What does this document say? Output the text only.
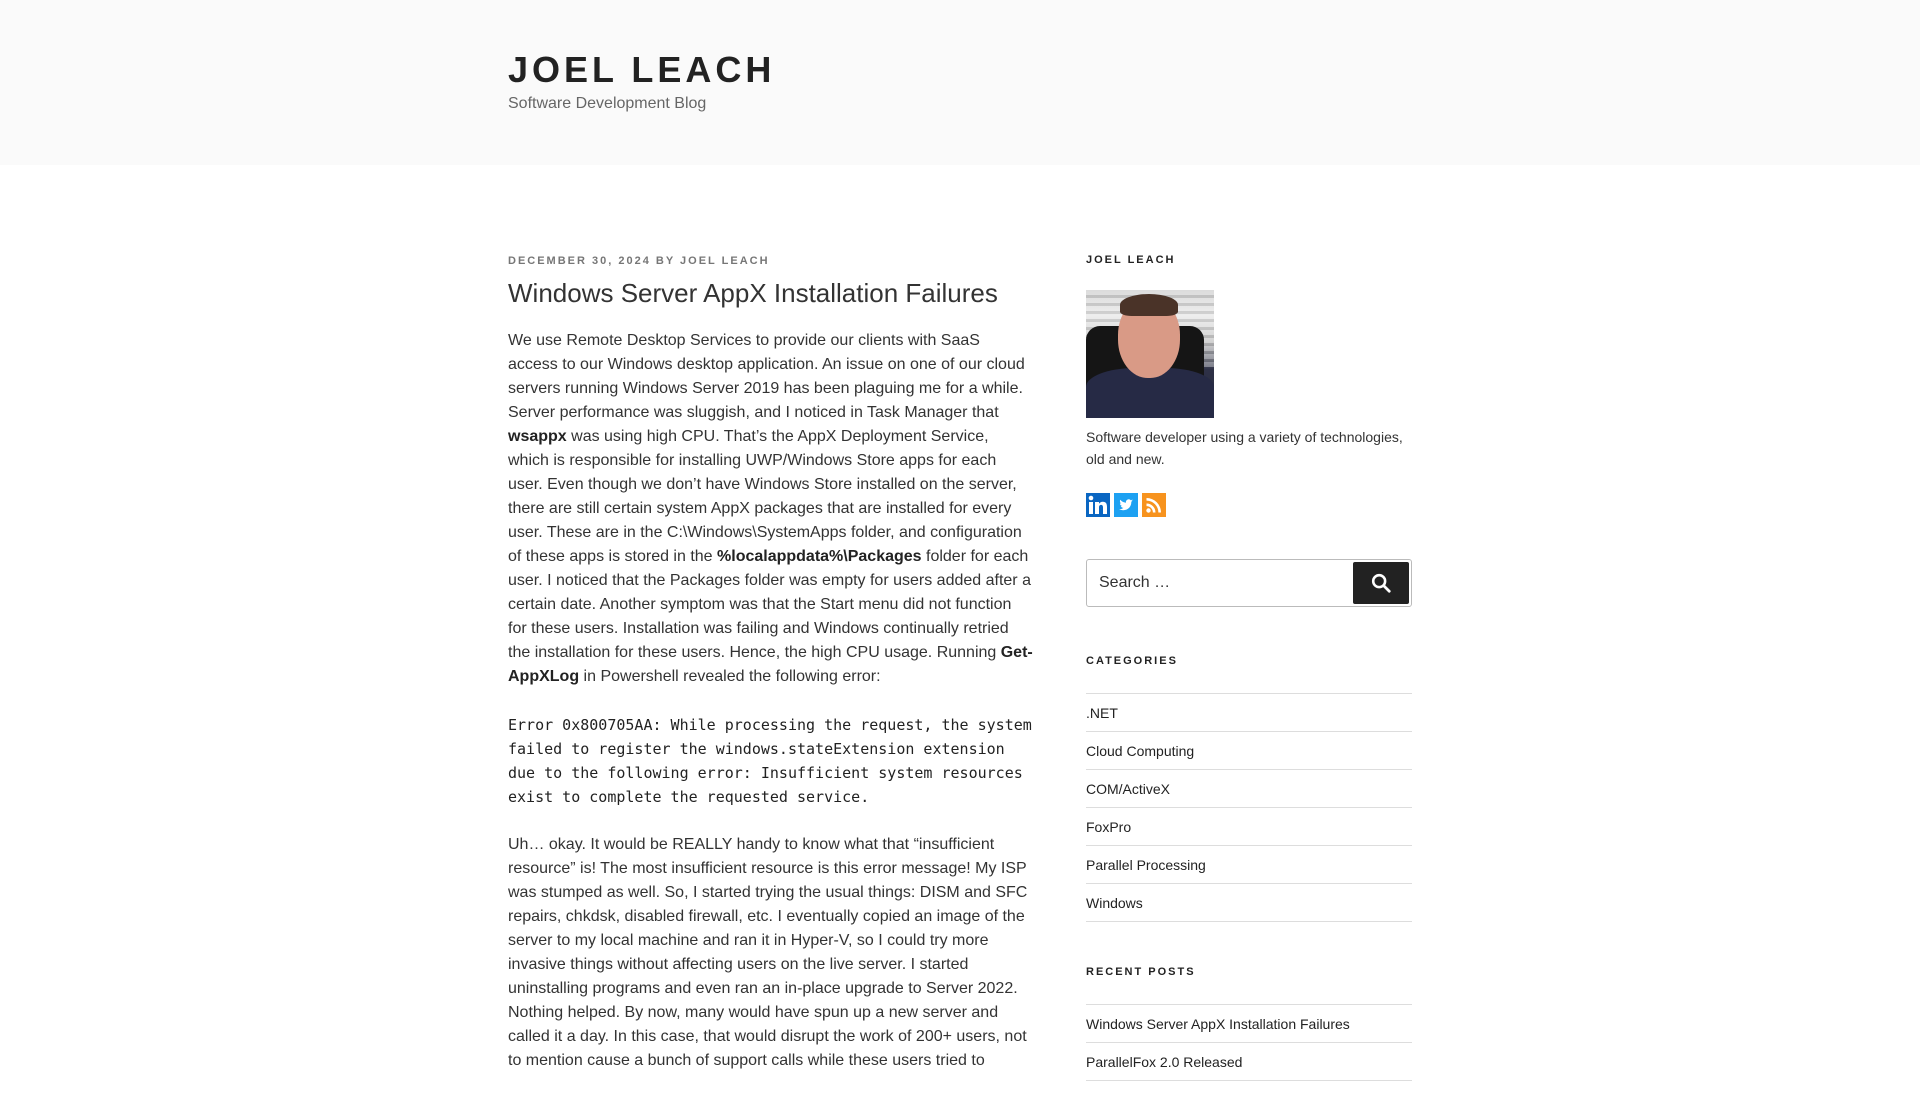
JOEL LEACH

Software Development Blog

DECEMBER 30, 2024 BY JOEL LEACH
Windows Server AppX Installation Failures

We use Remote Desktop Services to provide our clients with SaaS access to our Windows desktop application. An issue on one of our cloud servers running Windows Server 2019 has been plaguing me for a while. Server performance was sluggish, and I noticed in Task Manager that wsappx was using high CPU. That’s the AppX Deployment Service, which is responsible for installing UWP/Windows Store apps for each user. Even though we don’t have Windows Store installed on the server, there are still certain system AppX packages that are installed for every user. These are in the C:\Windows\SystemApps folder, and configuration of these apps is stored in the %localappdata%\Packages folder for each user. I noticed that the Packages folder was empty for users added after a certain date. Another symptom was that the Start menu did not function for these users. Installation was failing and Windows continually retried the installation for these users. Hence, the high CPU usage. Running Get-AppXLog in Powershell revealed the following error:

Error 0x800705AA: While processing the request, the system failed to register the windows.stateExtension extension due to the following error: Insufficient system resources exist to complete the requested service.

Uh… okay. It would be REALLY handy to know what that “insufficient resource” is! The most insufficient resource is this error message! My ISP was stumped as well. So, I started trying the usual things: DISM and SFC repairs, chkdsk, disabled firewall, etc. I eventually copied an image of the server to my local machine and ran it in Hyper-V, so I could try more invasive things without affecting users on the live server. I started uninstalling programs and even ran an in-place upgrade to Server 2022. Nothing helped. By now, many would have spun up a new server and called it a day. In this case, that would disrupt the work of 200+ users, not to mention cause a bunch of support calls while these users tried to

JOEL LEACH

Software developer using a variety of technologies, old and new.

Search …
CATEGORIES
.NET
Cloud Computing
COM/ActiveX
FoxPro
Parallel Processing
Windows
RECENT POSTS
Windows Server AppX Installation Failures
ParallelFox 2.0 Released
